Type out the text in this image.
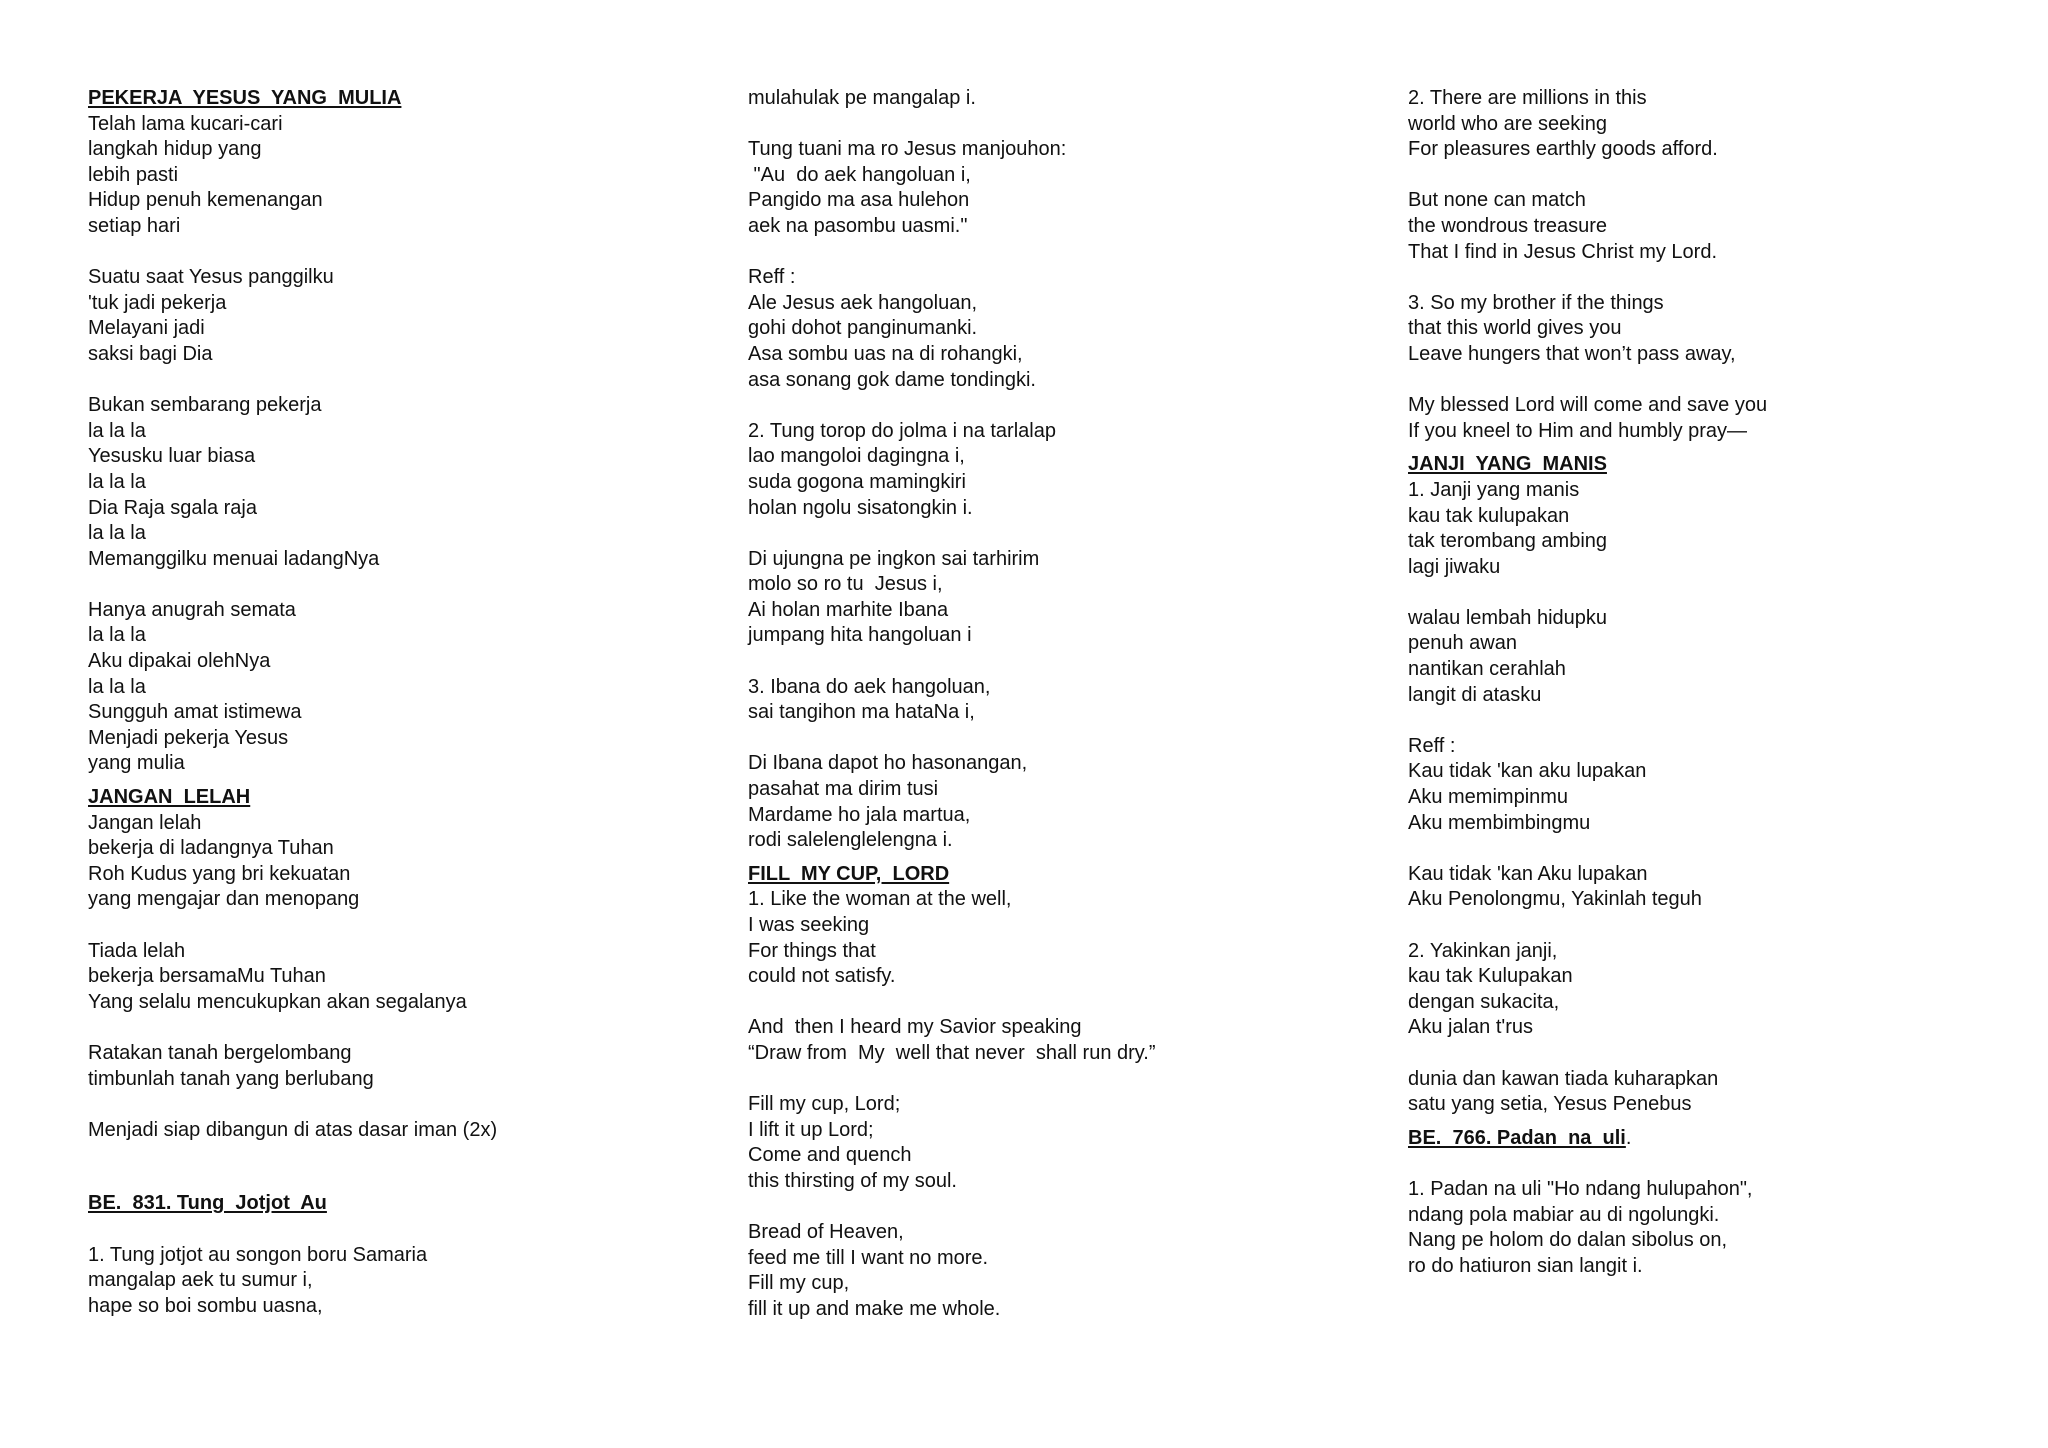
PEKERJA  YESUS  YANG  MULIA
Telah lama kucari-cari
langkah hidup yang
lebih pasti
Hidup penuh kemenangan
setiap hari
Suatu saat Yesus panggilku
'tuk jadi pekerja
Melayani jadi
saksi bagi Dia
Bukan sembarang pekerja
la la la
Yesusku luar biasa
la la la
Dia Raja sgala raja
la la la
Memanggilku menuai ladangNya
Hanya anugrah semata
la la la
Aku dipakai olehNya
la la la
Sungguh amat istimewa
Menjadi pekerja Yesus
yang mulia
JANGAN  LELAH
Jangan lelah
bekerja di ladangnya Tuhan
Roh Kudus yang bri kekuatan
yang mengajar dan menopang
Tiada lelah
bekerja bersamaMu Tuhan
Yang selalu mencukupkan akan segalanya
Ratakan tanah bergelombang
timbunlah tanah yang berlubang
Menjadi siap dibangun di atas dasar iman (2x)
BE.  831. Tung  Jotjot  Au
1. Tung jotjot au songon boru Samaria
mangalap aek tu sumur i,
hape so boi sombu uasna,
mulahulak pe mangalap i.
Tung tuani ma ro Jesus manjouhon:
"Au  do aek hangoluan i,
Pangido ma asa hulehon
aek na pasombu uasmi."
Reff :
Ale Jesus aek hangoluan,
gohi dohot panginumanki.
Asa sombu uas na di rohangki,
asa sonang gok dame tondingki.
2. Tung torop do jolma i na tarlalap
lao mangoloi dagingna i,
suda gogona mamingkiri
holan ngolu sisatongkin i.
Di ujungna pe ingkon sai tarhirim
molo so ro tu  Jesus i,
Ai holan marhite Ibana
jumpang hita hangoluan i
3. Ibana do aek hangoluan,
sai tangihon ma hataNa i,
Di Ibana dapot ho hasonangan,
pasahat ma dirim tusi
Mardame ho jala martua,
rodi salelenglelengna i.
FILL  MY CUP,  LORD
1. Like the woman at the well,
I was seeking
For things that
could not satisfy.
And  then I heard my Savior speaking
“Draw from  My  well that never  shall run dry.”
Fill my cup, Lord;
I lift it up Lord;
Come and quench
this thirsting of my soul.
Bread of Heaven,
feed me till I want no more.
Fill my cup,
fill it up and make me whole.
2. There are millions in this
world who are seeking
For pleasures earthly goods afford.
But none can match
the wondrous treasure
That I find in Jesus Christ my Lord.
3. So my brother if the things
that this world gives you
Leave hungers that won’t pass away,
My blessed Lord will come and save you
If you kneel to Him and humbly pray—
JANJI  YANG  MANIS
1. Janji yang manis
kau tak kulupakan
tak terombang ambing
lagi jiwaku
walau lembah hidupku
penuh awan
nantikan cerahlah
langit di atasku
Reff :
Kau tidak 'kan aku lupakan
Aku memimpinmu
Aku membimbingmu
Kau tidak 'kan Aku lupakan
Aku Penolongmu, Yakinlah teguh
2. Yakinkan janji,
kau tak Kulupakan
dengan sukacita,
Aku jalan t'rus
dunia dan kawan tiada kuharapkan
satu yang setia, Yesus Penebus
BE.  766. Padan  na  uli.
1. Padan na uli "Ho ndang hulupahon",
ndang pola mabiar au di ngolungki.
Nang pe holom do dalan sibolus on,
ro do hatiuron sian langit i.
